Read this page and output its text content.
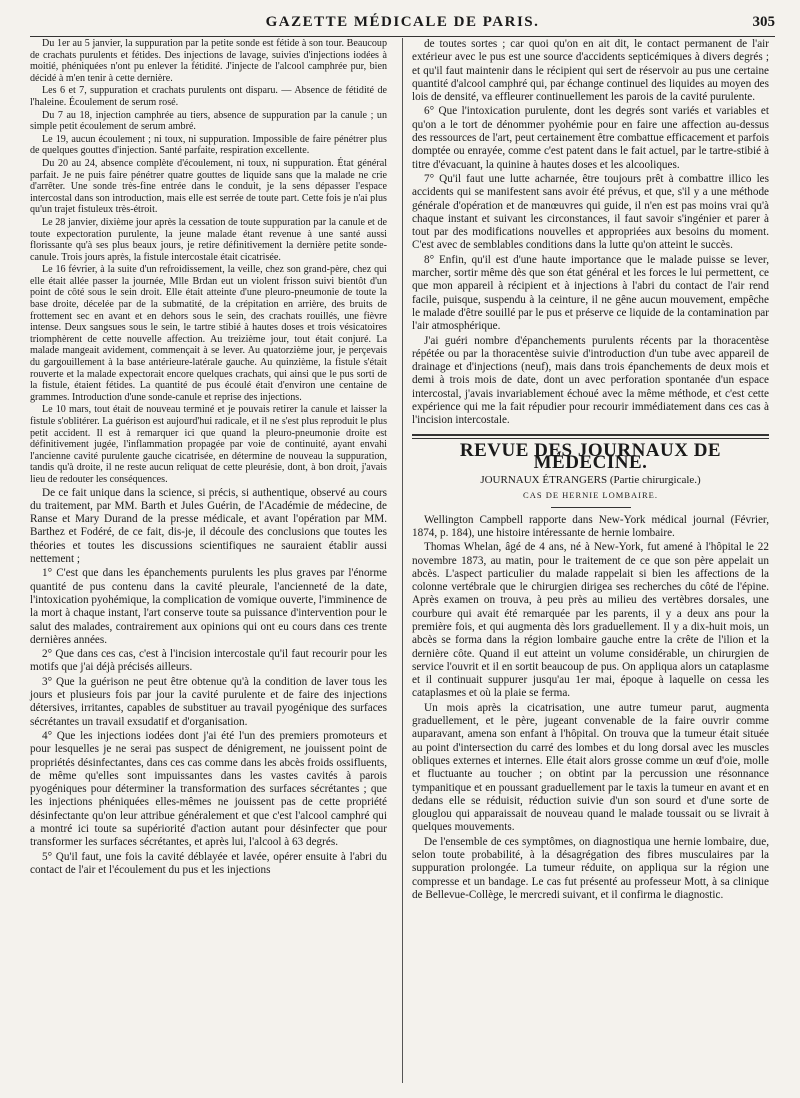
GAZETTE MÉDICALE DE PARIS.	305

Du 1er au 5 janvier, la suppuration par la petite sonde est fétide à son tour. Beaucoup de crachats purulents et fétides. Des injections de lavage, suivies d'injections iodées à moitié, phéniquées n'ont pu enlever la fétidité. J'injecte de l'alcool camphrée pur, bien décidé à m'en tenir à cette dernière.

Les 6 et 7, suppuration et crachats purulents ont disparu. — Absence de fétidité de l'haleine. Écoulement de serum rosé.

Du 7 au 18, injection camphrée au tiers, absence de suppuration par la canule ; un simple petit écoulement de serum ambré.

Le 19, aucun écoulement ; ni toux, ni suppuration. Impossible de faire pénétrer plus de quelques gouttes d'injection. Santé parfaite, respiration excellente.

Du 20 au 24, absence complète d'écoulement, ni toux, ni suppuration. État général parfait. Je ne puis faire pénétrer quatre gouttes de liquide sans que la malade ne crie d'arrêter. Une sonde très-fine entrée dans le conduit, je la sens dépasser l'espace intercostal dans son introduction, mais elle est serrée de toute part. Cette fois je n'ai plus qu'un trajet fistuleux très-étroit.

Le 28 janvier, dixième jour après la cessation de toute suppuration par la canule et de toute expectoration purulente, la jeune malade étant revenue à une santé aussi florissante qu'à ses plus beaux jours, je retire définitivement la dernière petite sonde-canule. Trois jours après, la fistule intercostale était cicatrisée.

Le 16 février, à la suite d'un refroidissement, la veille, chez son grand-père, chez qui elle était allée passer la journée, Mlle Brdan eut un violent frisson suivi bientôt d'un point de côté sous le sein droit. Elle était atteinte d'une pleuro-pneumonie de toute la base droite, décelée par de la submatité, de la crépitation en arrière, des bruits de frottement sec en avant et en dehors sous le sein, des crachats rouillés, une fièvre intense. Deux sangsues sous le sein, le tartre stibié à hautes doses et trois vésicatoires triomphèrent de cette nouvelle affection. Au treizième jour, tout était conjuré. La malade mangeait avidement, commençait à se lever. Au quatorzième jour, je perçevais du gargouillement à la base antérieure-latérale gauche. Au quinzième, la fistule s'était rouverte et la malade expectorait encore quelques crachats, qui ainsi que le pus sorti de la fistule, étaient fétides. La quantité de pus écoulé était d'environ une centaine de grammes. Introduction d'une sonde-canule et reprise des injections.

Le 10 mars, tout était de nouveau terminé et je pouvais retirer la canule et laisser la fistule s'oblitérer. La guérison est aujourd'hui radicale, et il ne s'est plus reproduit le plus petit accident. Il est à remarquer ici que quand la pleuro-pneumonie droite est définitivement jugée, l'inflammation propagée par voie de continuité, ayant envahi l'ancienne cavité purulente gauche cicatrisée, en détermine de nouveau la suppuration, tandis qu'à droite, il ne reste aucun reliquat de cette pleurésie, dont, à bon droit, j'avais lieu de redouter les conséquences.

De ce fait unique dans la science, si précis, si authentique, observé au cours du traitement, par MM. Barth et Jules Guérin, de l'Académie de médecine, de Ranse et Mary Durand de la presse médicale, et avant l'opération par MM. Barthez et Fodéré, de ce fait, dis-je, il découle des conclusions que toutes les théories et toutes les discussions scientifiques ne sauraient établir aussi nettement ;

1° C'est que dans les épanchements purulents les plus graves par l'énorme quantité de pus contenu dans la cavité pleurale, l'ancienneté de la date, l'intoxication pyohémique, la complication de vomique ouverte, l'imminence de la mort à chaque instant, l'art conserve toute sa puissance d'intervention pour le salut des malades, contrairement aux opinions qui ont eu cours dans ces trente dernières années.

2° Que dans ces cas, c'est à l'incision intercostale qu'il faut recourir pour les motifs que j'ai déjà précisés ailleurs.

3° Que la guérison ne peut être obtenue qu'à la condition de laver tous les jours et plusieurs fois par jour la cavité purulente et de faire des injections détersives, irritantes, capables de substituer au travail pyogénique des surfaces sécrétantes un travail exsudatif et d'organisation.

4° Que les injections iodées dont j'ai été l'un des premiers promoteurs et pour lesquelles je ne serai pas suspect de dénigrement, ne jouissent point de propriétés désinfectantes, dans ces cas comme dans les abcès froids ossifluents, de même qu'elles sont impuissantes dans les vastes cavités à parois pyogéniques pour déterminer la transformation des surfaces sécrétantes ; que les injections phéniquées elles-mêmes ne jouissent pas de cette propriété désinfectante qu'on leur attribue généralement et que c'est l'alcool camphré qui a montré ici toute sa supériorité d'action autant pour désinfecter que pour transformer les surfaces sécrétantes, et après lui, l'alcool à 63 degrés.

5° Qu'il faut, une fois la cavité déblayée et lavée, opérer ensuite à l'abri du contact de l'air et l'écoulement du pus et les injections

de toutes sortes ; car quoi qu'on en ait dit, le contact permanent de l'air extérieur avec le pus est une source d'accidents septicémiques à divers degrés ; et qu'il faut maintenir dans le récipient qui sert de réservoir au pus une certaine quantité d'alcool camphré qui, par échange continuel des liquides au moyen des lois de densité, va effleurer continuellement les parois de la cavité purulente.

6° Que l'intoxication purulente, dont les degrés sont variés et variables et qu'on a le tort de dénommer pyohémie pour en faire une affection au-dessus des ressources de l'art, peut certainement être combattue efficacement et parfois domptée ou enrayée, comme c'est patent dans le fait actuel, par le tartre-stibié à titre d'évacuant, la quinine à hautes doses et les alcooliques.

7° Qu'il faut une lutte acharnée, être toujours prêt à combattre illico les accidents qui se manifestent sans avoir été prévus, et que, s'il y a une méthode générale d'opération et de manœuvres qui guide, il n'en est pas moins vrai qu'à chaque instant et suivant les circonstances, il faut savoir s'ingénier et parer à tout par des modifications nouvelles et appropriées aux besoins du moment. C'est avec de semblables conditions dans la lutte qu'on atteint le succès.

8° Enfin, qu'il est d'une haute importance que le malade puisse se lever, marcher, sortir même dès que son état général et les forces le lui permettent, ce que mon appareil à récipient et à injections à l'abri du contact de l'air rend facile, puisque, suspendu à la ceinture, il ne gêne aucun mouvement, empêche le malade d'être souillé par le pus et préserve ce liquide de la contamination par l'air atmosphérique.

J'ai guéri nombre d'épanchements purulents récents par la thoracentèse répétée ou par la thoracentèse suivie d'introduction d'un tube avec appareil de drainage et d'injections (neuf), mais dans trois épanchements de deux mois et demi à trois mois de date, dont un avec perforation spontanée d'un espace intercostal, j'avais invariablement échoué avec la même méthode, et c'est cette expérience qui me la fait répudier pour recourir immédiatement dans ces cas à l'incision intercostale.

REVUE DES JOURNAUX DE MÉDECINE.
JOURNAUX ÉTRANGERS (Partie chirurgicale.)
CAS DE HERNIE LOMBAIRE.

Wellington Campbell rapporte dans New-York médical journal (Février, 1874, p. 184), une histoire intéressante de hernie lombaire.

Thomas Whelan, âgé de 4 ans, né à New-York, fut amené à l'hôpital le 22 novembre 1873, au matin, pour le traitement de ce que son père appelait un abcès. L'aspect particulier du malade rappelait si bien les affections de la colonne vertébrale que le chirurgien dirigea ses recherches du côté de l'épine. Après examen on trouva, à peu près au milieu des vertèbres dorsales, une courbure qui avait été remarquée par les parents, il y a deux ans pour la première fois, et qui augmenta dès lors graduellement. Il y a dix-huit mois, un abcès se forma dans la région lombaire gauche entre la crête de l'ilion et la dernière côte. Quand il eut atteint un volume considérable, un chirurgien de service l'ouvrit et il en sortit beaucoup de pus. On appliqua alors un cataplasme et il continuait suppurer jusqu'au 1er mai, époque à laquelle on cessa les cataplasmes et où la plaie se ferma.

Un mois après la cicatrisation, une autre tumeur parut, augmenta graduellement, et le père, jugeant convenable de la faire ouvrir comme auparavant, amena son enfant à l'hôpital. On trouva que la tumeur était située au point d'intersection du carré des lombes et du long dorsal avec les muscles obliques externes et internes. Elle était alors grosse comme un œuf d'oie, molle et fluctuante au toucher ; on obtint par la percussion une résonnance tympanitique et en poussant graduellement par le taxis la tumeur en avant et en dedans elle se réduisit, réduction suivie d'un son sourd et d'une sorte de glouglou qui apparaissait de nouveau quand le malade toussait ou se livrait à quelques mouvements.

De l'ensemble de ces symptômes, on diagnostiqua une hernie lombaire, due, selon toute probabilité, à la désagrégation des fibres musculaires par la suppuration prolongée. La tumeur réduite, on appliqua sur la région une compresse et un bandage. Le cas fut présenté au professeur Mott, à sa clinique de Bellevue-Collège, le mercredi suivant, et il confirma le diagnostic.
